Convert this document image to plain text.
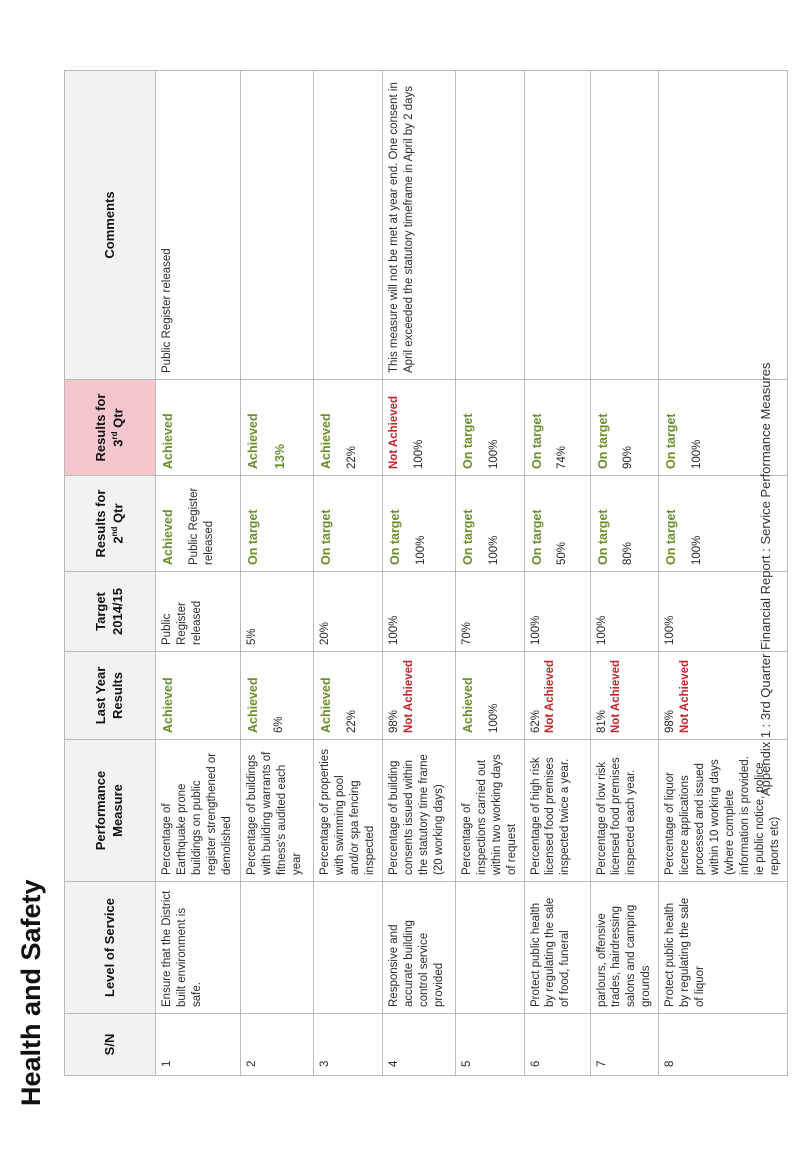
Health and Safety	S/N	Level of Service	Performance Measure	Last Year Results	Target 2014/15	Results for 2nd Qtr	Results for 3rd Qtr	Comments
1	Ensure that the District built environment is safe.	Percentage of Earthquake prone buildings on public register strengthened or demolished	Achieved	Public Register released	Achieved Public Register released	Achieved	Public Register released
2		Percentage of buildings with building warrants of fitness's audited each year	Achieved 6%	5%	On target	Achieved 13%	

3		Percentage of properties with swimming pool and/or spa fencing inspected	Achieved 22%	20%	On target	Achieved 22%	

4	Responsive and accurate building control service provided	Percentage of building consents issued within the statutory time frame (20 working days)	98% Not Achieved	100%	On target 100%	Not Achieved 100%	This measure will not be met at year end. One consent in April exceeded the statutory timeframe in April by 2 days
5		Percentage of inspections carried out within two working days of request	Achieved 100%	70%	On target 100%	On target 100%	

6	Protect public health by regulating the sale of food, funeral	Percentage of high risk licensed food premises inspected twice a year.	62% Not Achieved	100%	On target 50%	On target 74%	

7	parlours, offensive trades, hairdressing salons and camping grounds	Percentage of low risk licensed food premises inspected each year.	81% Not Achieved	100%	On target 80%	On target 90%	

8	Protect public health by regulating the sale of liquor	Percentage of liquor licence applications processed and issued within 10 working days (where complete information is provided. ie public notice, police reports etc)	98% Not Achieved	100%	On target 100%	On target 100%	
		Appendix 1 : 3rd Quarter Financial Report : Service Performance Measures
